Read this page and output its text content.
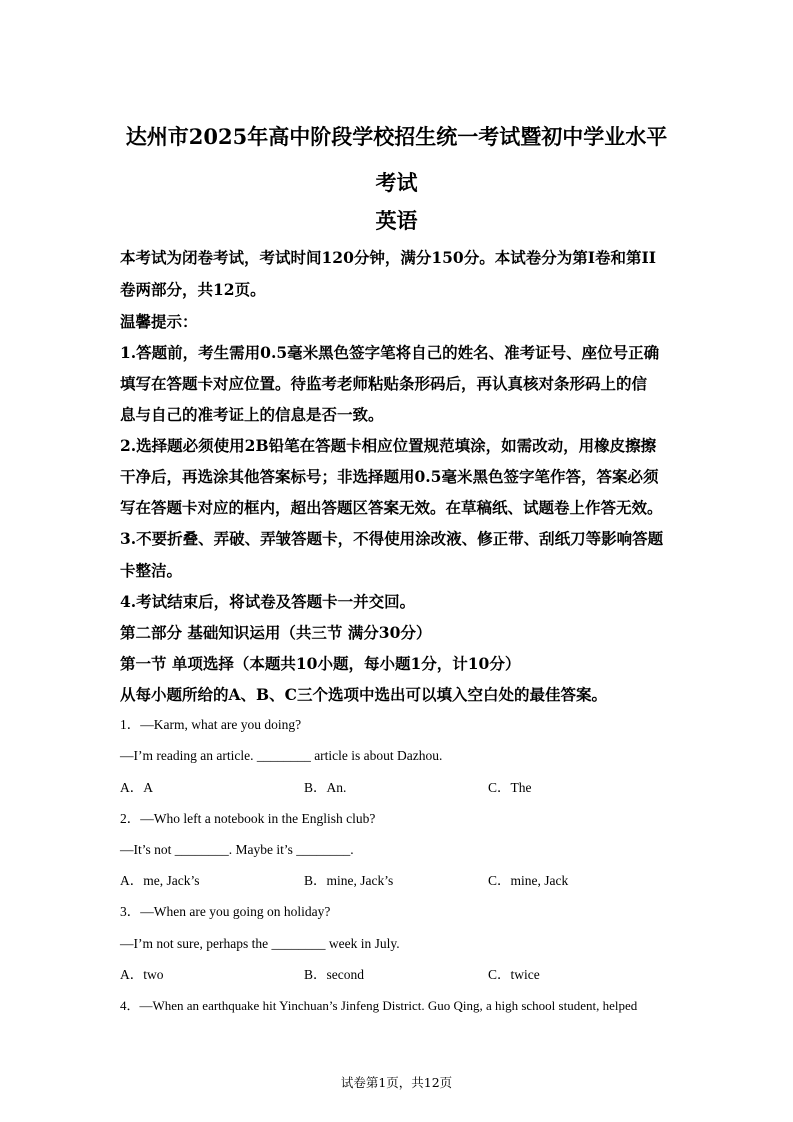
达州市2025年高中阶段学校招生统一考试暨初中学业水平
考试
英语
本考试为闭卷考试，考试时间120分钟，满分150分。本试卷分为第I卷和第II
卷两部分，共12页。
温馨提示：
1.答题前，考生需用0.5毫米黑色签字笔将自己的姓名、准考证号、座位号正确
填写在答题卡对应位置。待监考老师粘贴条形码后，再认真核对条形码上的信
息与自己的准考证上的信息是否一致。
2.选择题必须使用2B铅笔在答题卡相应位置规范填涂，如需改动，用橡皮擦擦
干净后，再选涂其他答案标号；非选择题用0.5毫米黑色签字笔作答，答案必须
写在答题卡对应的框内，超出答题区答案无效。在草稿纸、试题卷上作答无效。
3.不要折叠、弄破、弄皱答题卡，不得使用涂改液、修正带、刮纸刀等影响答题
卡整洁。
4.考试结束后，将试卷及答题卡一并交回。
第二部分 基础知识运用（共三节 满分30分）
第一节 单项选择（本题共10小题，每小题1分，计10分）
从每小题所给的A、B、C三个选项中选出可以填入空白处的最佳答案。
1．—Karm, what are you doing?
—I’m reading an article. ________ article is about Dazhou.
A．A	B．An.	C．The
2．—Who left a notebook in the English club?
—It’s not ________. Maybe it’s ________.
A．me, Jack’s	B．mine, Jack’s	C．mine, Jack
3．—When are you going on holiday?
—I’m not sure, perhaps the ________ week in July.
A．two	B．second	C．twice
4．—When an earthquake hit Yinchuan’s Jinfeng District. Guo Qing, a high school student, helped
试卷第1页，共12页
